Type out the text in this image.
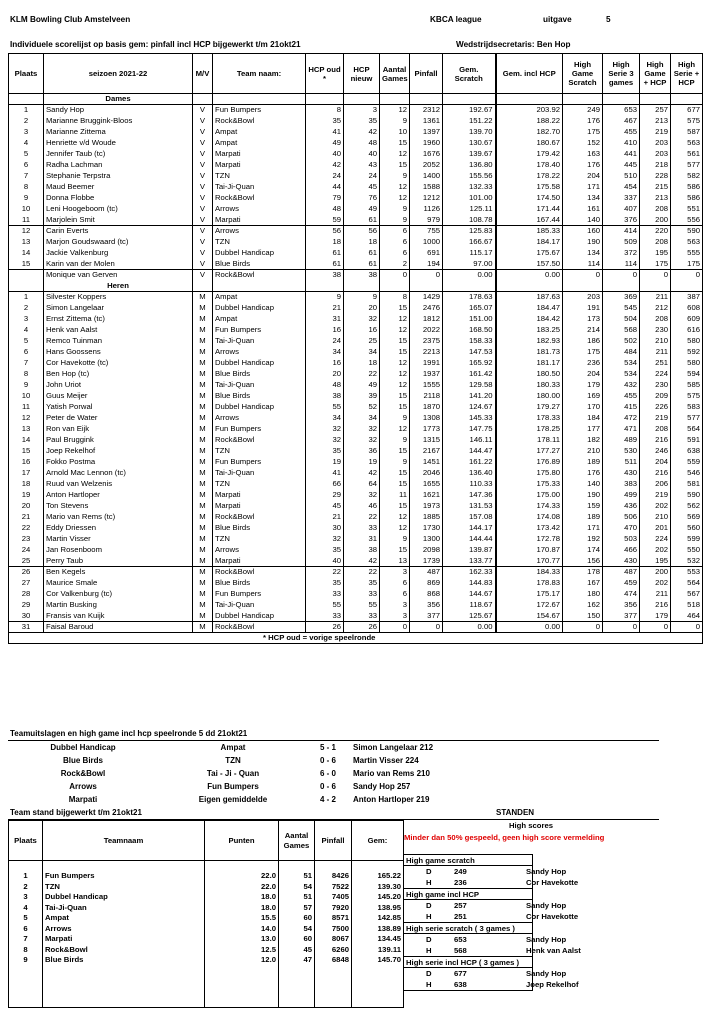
KLM Bowling Club Amstelveen	KBCA league	uitgave	5
Individuele scorelijst op basis gem: pinfall incl HCP bijgewerkt t/m 21okt21	Wedstrijdsecretaris: Ben Hop
Plaats	seizoen 2021-22	M/V	Team naam:	HCP oud *	HCP nieuw	Aantal Games	Pinfall	Gem. Scratch	Gem. incl HCP	High Game Scratch	High Serie 3 games	High Game + HCP	High Serie + HCP
	Dames												
1	Sandy Hop	V	Fun Bumpers	8	3	12	2312	192.67	203.92	249	653	257	677
2	Marianne Bruggink-Bloos	V	Rock&Bowl	35	35	9	1361	151.22	188.22	176	467	213	575
3	Marianne Zittema	V	Ampat	41	42	10	1397	139.70	182.70	175	455	219	587
4	Henriette v/d Woude	V	Ampat	49	48	15	1960	130.67	180.67	152	410	203	563
5	Jennifer Taub (tc)	V	Marpati	40	40	12	1676	139.67	179.42	163	441	203	561
6	Radha Lachman	V	Marpati	42	43	15	2052	136.80	178.40	176	445	218	577
7	Stephanie Terpstra	V	TZN	24	24	9	1400	155.56	178.22	204	510	228	582
8	Maud Beemer	V	Tai-Ji-Quan	44	45	12	1588	132.33	175.58	171	454	215	586
9	Donna Flobbe	V	Rock&Bowl	79	76	12	1212	101.00	174.50	134	337	213	586
10	Leni Hoogeboom (tc)	V	Arrows	48	49	9	1126	125.11	171.44	161	407	208	551
11	Marjolein Smit	V	Marpati	59	61	9	979	108.78	167.44	140	376	200	556
12	Carin Everts	V	Arrows	56	56	6	755	125.83	185.33	160	414	220	590
13	Marjon Goudswaard (tc)	V	TZN	18	18	6	1000	166.67	184.17	190	509	208	563
14	Jackie Valkenburg	V	Dubbel Handicap	61	61	6	691	115.17	175.67	134	372	195	555
15	Karin van der Molen	V	Blue Birds	61	61	2	194	97.00	157.50	114	114	175	175
	Monique van Gerven	V	Rock&Bowl	38	38	0	0	0.00	0.00	0	0	0	0
	Heren												
1	Silvester Koppers	M	Ampat	9	9	8	1429	178.63	187.63	203	369	211	387
2	Simon Langelaar	M	Dubbel Handicap	21	20	15	2476	165.07	184.47	191	545	212	608
3	Ernst Zittema (tc)	M	Ampat	31	32	12	1812	151.00	184.42	173	504	208	609
4	Henk van Aalst	M	Fun Bumpers	16	16	12	2022	168.50	183.25	214	568	230	616
5	Remco Tuinman	M	Tai-Ji-Quan	24	25	15	2375	158.33	182.93	186	502	210	580
6	Hans Goossens	M	Arrows	34	34	15	2213	147.53	181.73	175	484	211	592
7	Cor Havekotte (tc)	M	Dubbel Handicap	16	18	12	1991	165.92	181.17	236	534	251	580
8	Ben Hop (tc)	M	Blue Birds	20	22	12	1937	161.42	180.50	204	534	224	594
9	John Uriot	M	Tai-Ji-Quan	48	49	12	1555	129.58	180.33	179	432	230	585
10	Guus Meijer	M	Blue Birds	38	39	15	2118	141.20	180.00	169	455	209	575
11	Yatish Porwal	M	Dubbel Handicap	55	52	15	1870	124.67	179.27	170	415	226	583
12	Peter de Water	M	Arrows	34	34	9	1308	145.33	178.33	184	472	219	577
13	Ron van Eijk	M	Fun Bumpers	32	32	12	1773	147.75	178.25	177	471	208	564
14	Paul Bruggink	M	Rock&Bowl	32	32	9	1315	146.11	178.11	182	489	216	591
15	Joep Rekelhof	M	TZN	35	36	15	2167	144.47	177.27	210	530	246	638
16	Fokko Postma	M	Fun Bumpers	19	19	9	1451	161.22	176.89	189	511	204	559
17	Arnold Mac Lennon (tc)	M	Tai-Ji-Quan	41	42	15	2046	136.40	175.80	176	430	216	546
18	Ruud van Welzenis	M	TZN	66	64	15	1655	110.33	175.33	140	383	206	581
19	Anton Hartloper	M	Marpati	29	32	11	1621	147.36	175.00	190	499	219	590
20	Ton Stevens	M	Marpati	45	46	15	1973	131.53	174.33	159	436	202	562
21	Mario van Rems (tc)	M	Rock&Bowl	21	22	12	1885	157.08	174.08	189	506	210	569
22	Eddy Driessen	M	Blue Birds	30	33	12	1730	144.17	173.42	171	470	201	560
23	Martin Visser	M	TZN	32	31	9	1300	144.44	172.78	192	503	224	599
24	Jan Rosenboom	M	Arrows	35	38	15	2098	139.87	170.87	174	466	202	550
25	Perry Taub	M	Marpati	40	42	13	1739	133.77	170.77	156	430	195	532
26	Ben Kegels	M	Rock&Bowl	22	22	3	487	162.33	184.33	178	487	200	553
27	Maurice Smale	M	Blue Birds	35	35	6	869	144.83	178.83	167	459	202	564
28	Cor Valkenburg (tc)	M	Fun Bumpers	33	33	6	868	144.67	175.17	180	474	211	567
29	Martin Busking	M	Tai-Ji-Quan	55	55	3	356	118.67	172.67	162	356	216	518
30	Fransis van Kuijk	M	Dubbel Handicap	33	33	3	377	125.67	154.67	150	377	179	464
31	Faisal Baroud	M	Rock&Bowl	26	26	0	0	0.00	0.00	0	0	0	0
* HCP oud = vorige speelronde													
Teamuitslagen en high game incl hcp speelronde 5 dd 21okt21
Dubbel Handicap	Ampat	5 - 1	Simon Langelaar 212
Blue Birds	TZN	0 - 6	Martin Visser 224
Rock&Bowl	Tai - Ji - Quan	6 - 0	Mario van Rems 210
Arrows	Fun Bumpers	0 - 6	Sandy Hop 257
Marpati	Eigen gemiddelde	4 - 2	Anton Hartloper 219
Plaats	Teamnaam	Punten	Aantal Games	Pinfall	Gem:

1	Fun Bumpers	22.0	51	8426	165.22
2	TZN	22.0	54	7522	139.30
3	Dubbel Handicap	18.0	51	7405	145.20
4	Tai-Ji-Quan	18.0	57	7920	138.95
5	Ampat	15.5	60	8571	142.85
6	Arrows	14.0	54	7500	138.89
7	Marpati	13.0	60	8067	134.45
8	Rock&Bowl	12.5	45	6260	139.11
9	Blue Birds	12.0	47	6848	145.70

High scores
Minder dan 50% gespeeld, geen high score vermelding
High game scratch
D	249	Sandy Hop
H	236	Cor Havekotte
High game incl HCP
D	257	Sandy Hop
H	251	Cor Havekotte
High serie scratch ( 3 games )
D	653	Sandy Hop
H	568	Henk van Aalst
High serie incl HCP ( 3 games )
D	677	Sandy Hop
H	638	Joep Rekelhof
Team stand bijgewerkt t/m 21okt21	STANDEN
